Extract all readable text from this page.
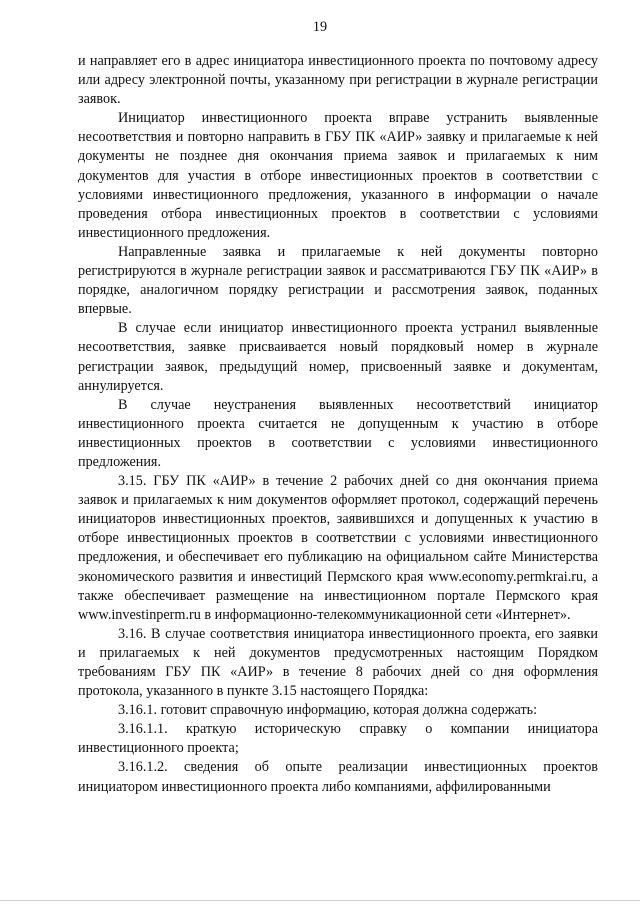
19

и направляет его в адрес инициатора инвестиционного проекта по почтовому адресу или адресу электронной почты, указанному при регистрации в журнале регистрации заявок.

Инициатор инвестиционного проекта вправе устранить выявленные несоответствия и повторно направить в ГБУ ПК «АИР» заявку и прилагаемые к ней документы не позднее дня окончания приема заявок и прилагаемых к ним документов для участия в отборе инвестиционных проектов в соответствии с условиями инвестиционного предложения, указанного в информации о начале проведения отбора инвестиционных проектов в соответствии с условиями инвестиционного предложения.

Направленные заявка и прилагаемые к ней документы повторно регистрируются в журнале регистрации заявок и рассматриваются ГБУ ПК «АИР» в порядке, аналогичном порядку регистрации и рассмотрения заявок, поданных впервые.

В случае если инициатор инвестиционного проекта устранил выявленные несоответствия, заявке присваивается новый порядковый номер в журнале регистрации заявок, предыдущий номер, присвоенный заявке и документам, аннулируется.

В случае неустранения выявленных несоответствий инициатор инвестиционного проекта считается не допущенным к участию в отборе инвестиционных проектов в соответствии с условиями инвестиционного предложения.

3.15. ГБУ ПК «АИР» в течение 2 рабочих дней со дня окончания приема заявок и прилагаемых к ним документов оформляет протокол, содержащий перечень инициаторов инвестиционных проектов, заявившихся и допущенных к участию в отборе инвестиционных проектов в соответствии с условиями инвестиционного предложения, и обеспечивает его публикацию на официальном сайте Министерства экономического развития и инвестиций Пермского края www.economy.permkrai.ru, а также обеспечивает размещение на инвестиционном портале Пермского края www.investinperm.ru в информационно-телекоммуникационной сети «Интернет».

3.16. В случае соответствия инициатора инвестиционного проекта, его заявки и прилагаемых к ней документов предусмотренных настоящим Порядком требованиям ГБУ ПК «АИР» в течение 8 рабочих дней со дня оформления протокола, указанного в пункте 3.15 настоящего Порядка:

3.16.1. готовит справочную информацию, которая должна содержать:

3.16.1.1. краткую историческую справку о компании инициатора инвестиционного проекта;

3.16.1.2. сведения об опыте реализации инвестиционных проектов инициатором инвестиционного проекта либо компаниями, аффилированными
